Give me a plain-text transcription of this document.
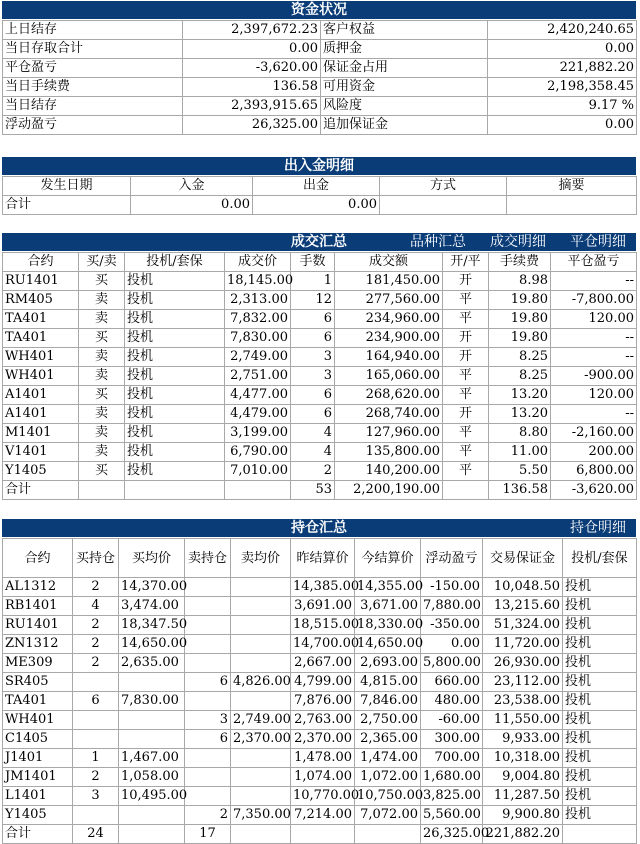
资金状况
上日结存	2,397,672.23	客户权益	2,420,240.65
当日存取合计	0.00	质押金	0.00
平仓盈亏	-3,620.00	保证金占用	221,882.20
当日手续费	136.58	可用资金	2,198,358.45
当日结存	2,393,915.65	风险度	9.17 %
浮动盈亏	26,325.00	追加保证金	0.00
出入金明细
发生日期	入金	出金	方式	摘要
合计	0.00	0.00		
成交汇总	品种汇总 成交明细 平仓明细
合约	买/卖	投机/套保	成交价	手数	成交额	开/平	手续费	平仓盈亏
RU1401	买	投机	18,145.00	1	181,450.00	开	8.98	--
RM405	卖	投机	2,313.00	12	277,560.00	平	19.80	-7,800.00
TA401	卖	投机	7,832.00	6	234,960.00	平	19.80	120.00
TA401	买	投机	7,830.00	6	234,900.00	开	19.80	--
WH401	卖	投机	2,749.00	3	164,940.00	开	8.25	--
WH401	卖	投机	2,751.00	3	165,060.00	平	8.25	-900.00
A1401	买	投机	4,477.00	6	268,620.00	平	13.20	120.00
A1401	卖	投机	4,479.00	6	268,740.00	开	13.20	--
M1401	卖	投机	3,199.00	4	127,960.00	平	8.80	-2,160.00
V1401	卖	投机	6,790.00	4	135,800.00	平	11.00	200.00
Y1405	买	投机	7,010.00	2	140,200.00	平	5.50	6,800.00
合计				53	2,200,190.00		136.58	-3,620.00
持仓汇总	持仓明细
合约	买持仓	买均价	卖持仓	卖均价	昨结算价	今结算价	浮动盈亏	交易保证金	投机/套保
AL1312	2	14,370.00			14,385.00	14,355.00	-150.00	10,048.50	投机
RB1401	4	3,474.00			3,691.00	3,671.00	7,880.00	13,215.60	投机
RU1401	2	18,347.50			18,515.00	18,330.00	-350.00	51,324.00	投机
ZN1312	2	14,650.00			14,700.00	14,650.00	0.00	11,720.00	投机
ME309	2	2,635.00			2,667.00	2,693.00	5,800.00	26,930.00	投机
SR405			6	4,826.00	4,799.00	4,815.00	660.00	23,112.00	投机
TA401	6	7,830.00			7,876.00	7,846.00	480.00	23,538.00	投机
WH401			3	2,749.00	2,763.00	2,750.00	-60.00	11,550.00	投机
C1405			6	2,370.00	2,370.00	2,365.00	300.00	9,933.00	投机
J1401	1	1,467.00			1,478.00	1,474.00	700.00	10,318.00	投机
JM1401	2	1,058.00			1,074.00	1,072.00	1,680.00	9,004.80	投机
L1401	3	10,495.00			10,770.00	10,750.00	3,825.00	11,287.50	投机
Y1405			2	7,350.00	7,214.00	7,072.00	5,560.00	9,900.80	投机
合计	24		17				26,325.00	221,882.20	
